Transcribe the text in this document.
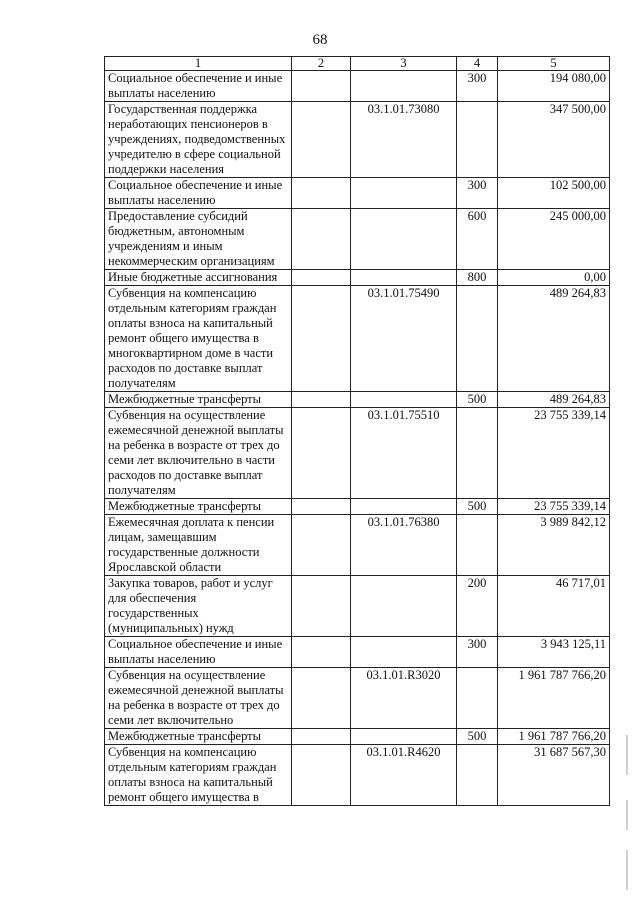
68
1	2	3	4	5
Социальное обеспечение и иные выплаты населению			300	194 080,00
Государственная поддержка неработающих пенсионеров в учреждениях, подведомственных учредителю в сфере социальной поддержки населения		03.1.01.73080		347 500,00
Социальное обеспечение и иные выплаты населению			300	102 500,00
Предоставление субсидий бюджетным, автономным учреждениям и иным некоммерческим организациям			600	245 000,00
Иные бюджетные ассигнования			800	0,00
Субвенция на компенсацию отдельным категориям граждан оплаты взноса на капитальный ремонт общего имущества в многоквартирном доме в части расходов по доставке выплат получателям		03.1.01.75490		489 264,83
Межбюджетные трансферты			500	489 264,83
Субвенция на осуществление ежемесячной денежной выплаты на ребенка в возрасте от трех до семи лет включительно в части расходов по доставке выплат получателям		03.1.01.75510		23 755 339,14
Межбюджетные трансферты			500	23 755 339,14
Ежемесячная доплата к пенсии лицам, замещавшим государственные должности Ярославской области		03.1.01.76380		3 989 842,12
Закупка товаров, работ и услуг для обеспечения государственных (муниципальных) нужд			200	46 717,01
Социальное обеспечение и иные выплаты населению			300	3 943 125,11
Субвенция на осуществление ежемесячной денежной выплаты на ребенка в возрасте от трех до семи лет включительно		03.1.01.R3020		1 961 787 766,20
Межбюджетные трансферты			500	1 961 787 766,20
Субвенция на компенсацию отдельным категориям граждан оплаты взноса на капитальный ремонт общего имущества в		03.1.01.R4620		31 687 567,30
